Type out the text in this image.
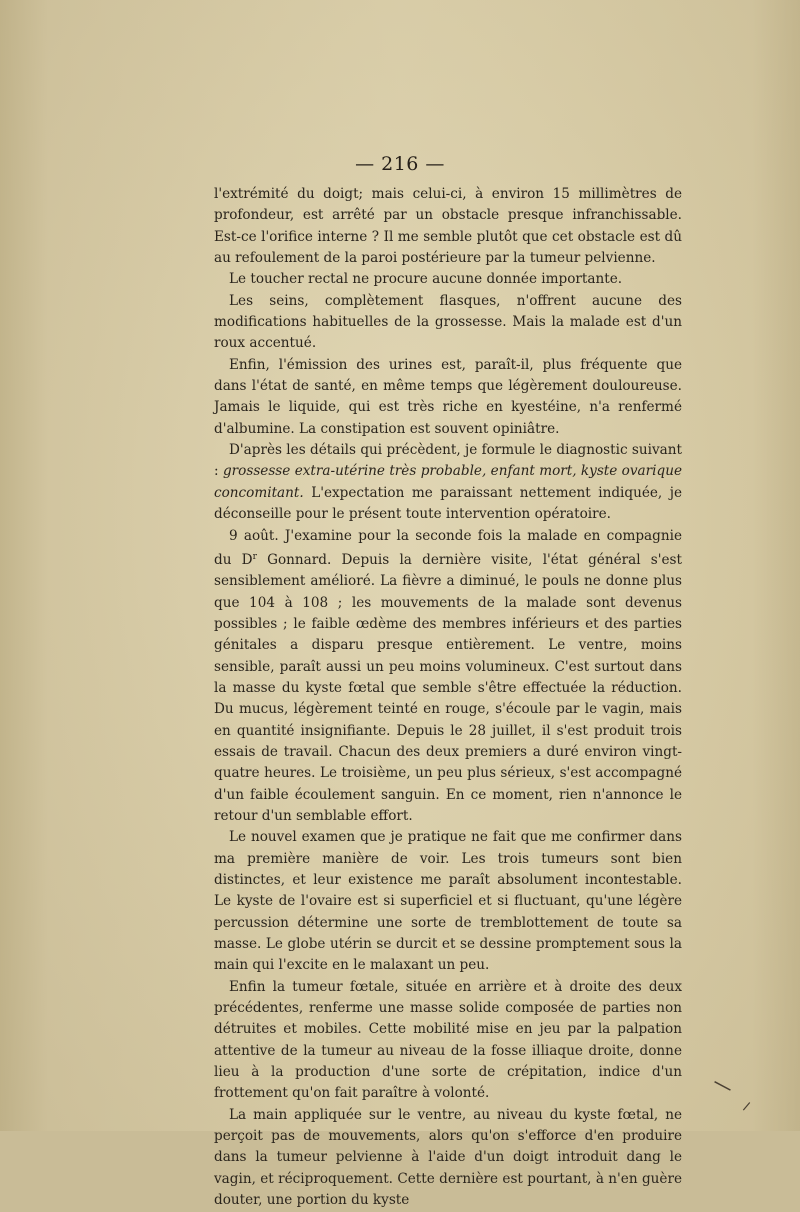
— 216 —

l'extrémité du doigt; mais celui-ci, à environ 15 millimètres de profondeur, est arrêté par un obstacle presque infranchissable. Est-ce l'orifice interne ? Il me semble plutôt que cet obstacle est dû au refoulement de la paroi postérieure par la tumeur pelvienne.

Le toucher rectal ne procure aucune donnée importante.

Les seins, complètement flasques, n'offrent aucune des modifications habituelles de la grossesse. Mais la malade est d'un roux accentué.

Enfin, l'émission des urines est, paraît-il, plus fréquente que dans l'état de santé, en même temps que légèrement douloureuse. Jamais le liquide, qui est très riche en kyestéine, n'a renfermé d'albumine. La constipation est souvent opiniâtre.

D'après les détails qui précèdent, je formule le diagnostic suivant : grossesse extra-utérine très probable, enfant mort, kyste ovarique concomitant. L'expectation me paraissant nettement indiquée, je déconseille pour le présent toute intervention opératoire.

9 août. J'examine pour la seconde fois la malade en compagnie du $D^r$ Gonnard. Depuis la dernière visite, l'état général s'est sensiblement amélioré. La fièvre a diminué, le pouls ne donne plus que 104 à 108 ; les mouvements de la malade sont devenus possibles ; le faible œdème des membres inférieurs et des parties génitales a disparu presque entièrement. Le ventre, moins sensible, paraît aussi un peu moins volumineux. C'est surtout dans la masse du kyste fœtal que semble s'être effectuée la réduction. Du mucus, légèrement teinté en rouge, s'écoule par le vagin, mais en quantité insignifiante. Depuis le 28 juillet, il s'est produit trois essais de travail. Chacun des deux premiers a duré environ vingt-quatre heures. Le troisième, un peu plus sérieux, s'est accompagné d'un faible écoulement sanguin. En ce moment, rien n'annonce le retour d'un semblable effort.

Le nouvel examen que je pratique ne fait que me confirmer dans ma première manière de voir. Les trois tumeurs sont bien distinctes, et leur existence me paraît absolument incontestable. Le kyste de l'ovaire est si superficiel et si fluctuant, qu'une légère percussion détermine une sorte de tremblottement de toute sa masse. Le globe utérin se durcit et se dessine promptement sous la main qui l'excite en le malaxant un peu.

Enfin la tumeur fœtale, située en arrière et à droite des deux précédentes, renferme une masse solide composée de parties non détruites et mobiles. Cette mobilité mise en jeu par la palpation attentive de la tumeur au niveau de la fosse illiaque droite, donne lieu à la production d'une sorte de crépitation, indice d'un frottement qu'on fait paraître à volonté.

La main appliquée sur le ventre, au niveau du kyste fœtal, ne perçoit pas de mouvements, alors qu'on s'efforce d'en produire dans la tumeur pelvienne à l'aide d'un doigt introduit dang le vagin, et réciproquement. Cette dernière est pourtant, à n'en guère douter, une portion du kyste
